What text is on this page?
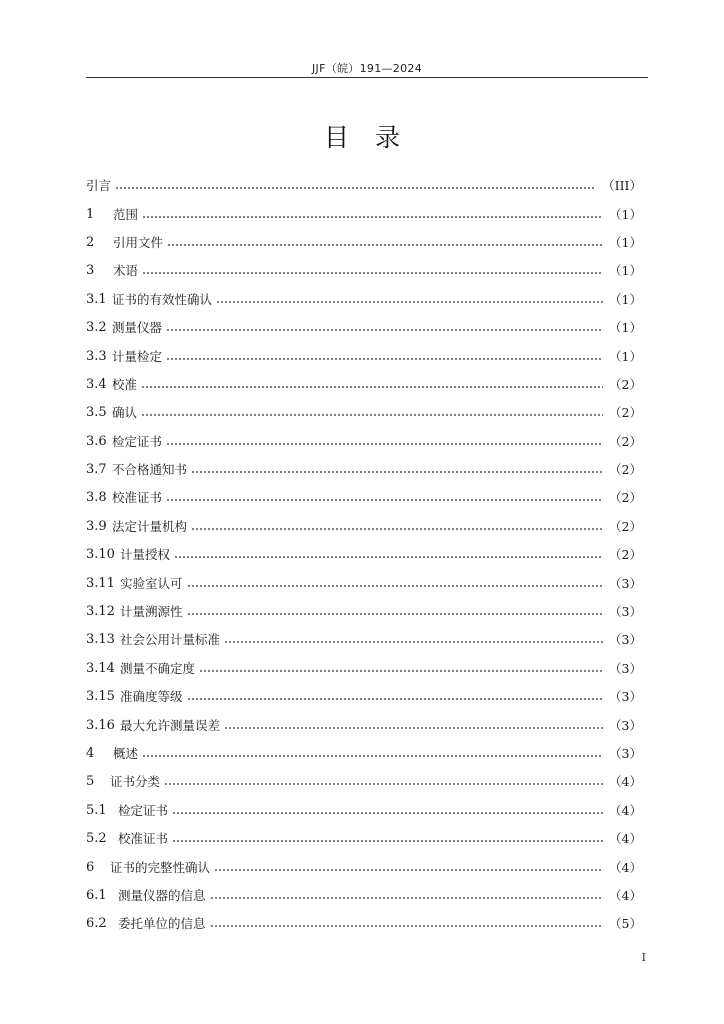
JJF（皖）191—2024
目录
引言	（III）
1	范围	（1）
2	引用文件	（1）
3	术语	（1）
3.1 证书的有效性确认	（1）
3.2 测量仪器	（1）
3.3 计量检定	（1）
3.4 校准	（2）
3.5 确认	（2）
3.6 检定证书	（2）
3.7 不合格通知书	（2）
3.8 校准证书	（2）
3.9 法定计量机构	（2）
3.10 计量授权	（2）
3.11 实验室认可	（3）
3.12 计量溯源性	（3）
3.13 社会公用计量标准	（3）
3.14 测量不确定度	（3）
3.15 准确度等级	（3）
3.16 最大允许测量误差	（3）
4	概述	（3）
5	证书分类	（4）
5.1 检定证书	（4）
5.2 校准证书	（4）
6	证书的完整性确认	（4）
6.1 测量仪器的信息	（4）
6.2 委托单位的信息	（5）
I
